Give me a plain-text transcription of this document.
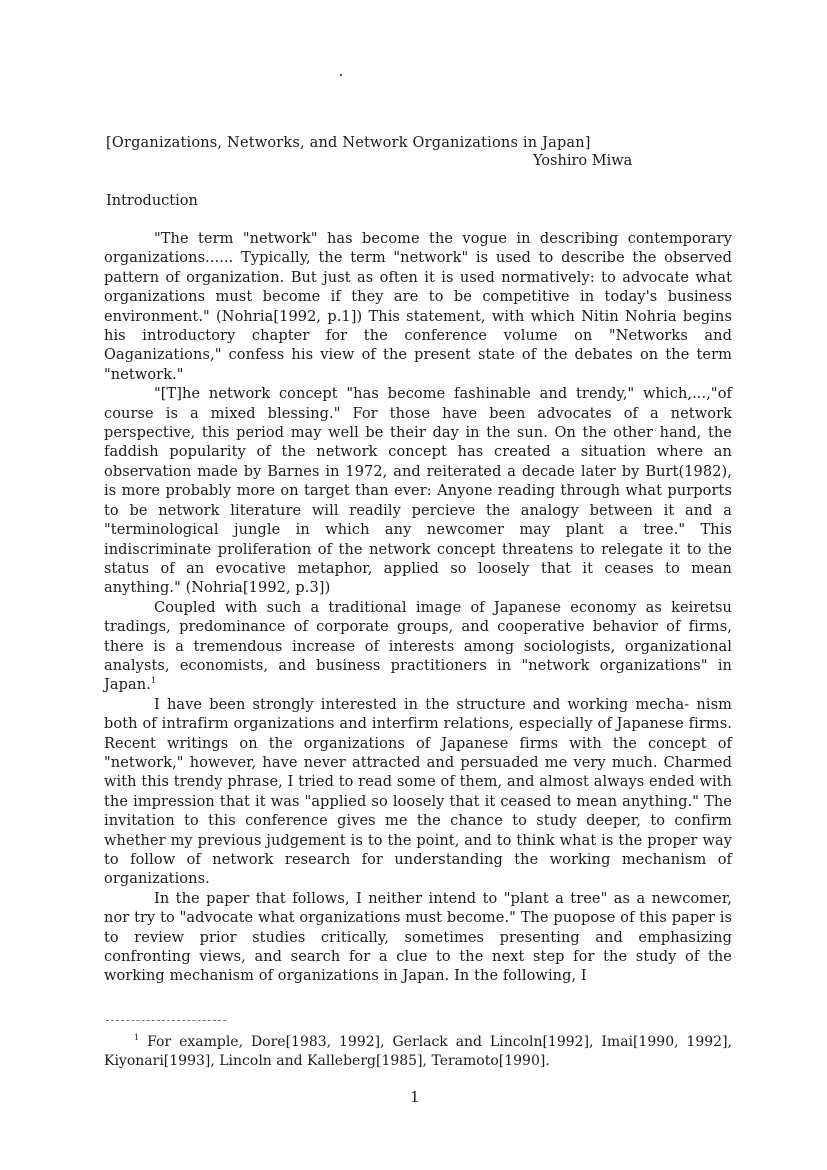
[Organizations, Networks, and Network Organizations in Japan]
Yoshiro Miwa
Introduction

"The term "network" has become the vogue in describing contemporary organizations...... Typically, the term "network" is used to describe the observed pattern of organization. But just as often it is used normatively: to advocate what organizations must become if they are to be competitive in today's business environment." (Nohria[1992, p.1]) This statement, with which Nitin Nohria begins his introductory chapter for the conference volume on "Networks and Oaganizations," confess his view of the present state of the debates on the term "network."

"[T]he network concept "has become fashinable and trendy," which,...,"of course is a mixed blessing." For those have been advocates of a network perspective, this period may well be their day in the sun. On the other hand, the faddish popularity of the network concept has created a situation where an observation made by Barnes in 1972, and reiterated a decade later by Burt(1982), is more probably more on target than ever: Anyone reading through what purports to be network literature will readily percieve the analogy between it and a "terminological jungle in which any newcomer may plant a tree." This indiscriminate proliferation of the network concept threatens to relegate it to the status of an evocative metaphor, applied so loosely that it ceases to mean anything." (Nohria[1992, p.3])

Coupled with such a traditional image of Japanese economy as keiretsu tradings, predominance of corporate groups, and cooperative behavior of firms, there is a tremendous increase of interests among sociologists, organizational analysts, economists, and business practitioners in "network organizations" in Japan.$^1$

I have been strongly interested in the structure and working mecha- nism both of intrafirm organizations and interfirm relations, especially of Japanese firms. Recent writings on the organizations of Japanese firms with the concept of "network," however, have never attracted and persuaded me very much. Charmed with this trendy phrase, I tried to read some of them, and almost always ended with the impression that it was "applied so loosely that it ceased to mean anything." The invitation to this conference gives me the chance to study deeper, to confirm whether my previous judgement is to the point, and to think what is the proper way to follow of network research for understanding the working mechanism of organizations.

In the paper that follows, I neither intend to "plant a tree" as a newcomer, nor try to "advocate what organizations must become." The puopose of this paper is to review prior studies critically, sometimes presenting and emphasizing confronting views, and search for a clue to the next step for the study of the working mechanism of organizations in Japan. In the following, I

$^1$ For example, Dore[1983, 1992], Gerlack and Lincoln[1992], Imai[1990, 1992], Kiyonari[1993], Lincoln and Kalleberg[1985], Teramoto[1990].
1
